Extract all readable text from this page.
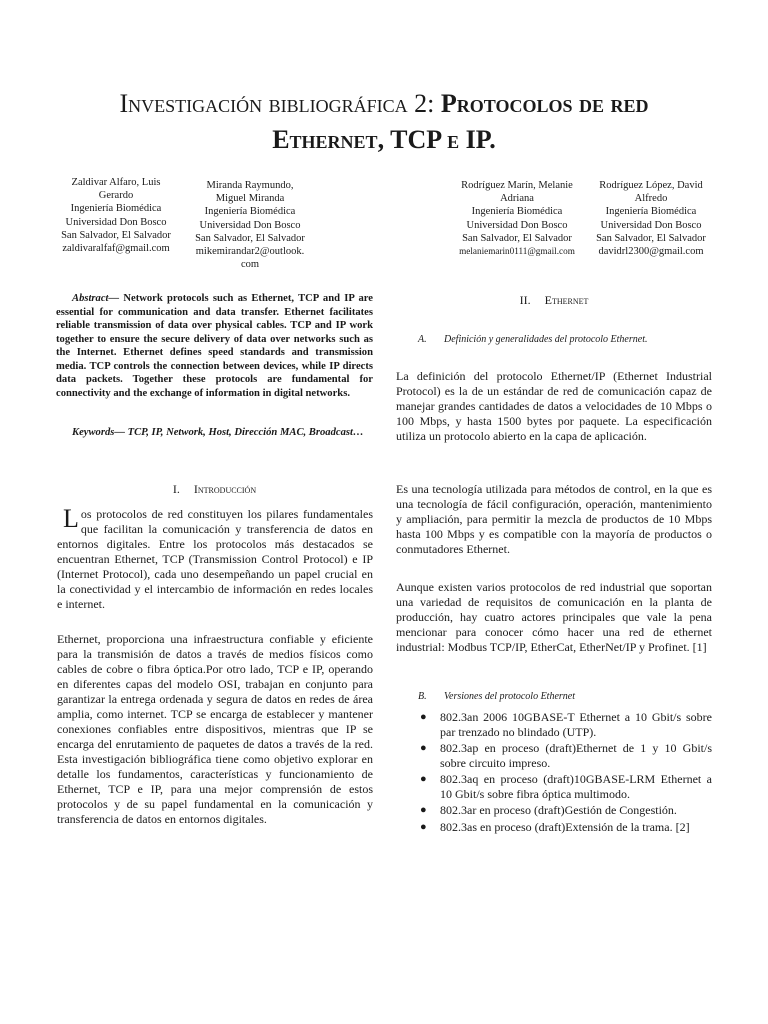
Investigación bibliográfica 2: Protocolos de red
Ethernet, TCP e IP.
Zaldivar Alfaro, Luis
Gerardo
Ingeniería Biomédica
Universidad Don Bosco
San Salvador, El Salvador
zaldivaralfaf@gmail.com
Miranda Raymundo,
Miguel Miranda
Ingeniería Biomédica
Universidad Don Bosco
San Salvador, El Salvador
mikemirandar2@outlook.
com
Rodríguez Marín, Melanie
Adriana
Ingeniería Biomédica
Universidad Don Bosco
San Salvador, El Salvador
melaniemarin0111@gmail.com
Rodríguez López, David
Alfredo
Ingeniería Biomédica
Universidad Don Bosco
San Salvador, El Salvador
davidrl2300@gmail.com
Abstract— Network protocols such as Ethernet, TCP and IP are essential for communication and data transfer. Ethernet facilitates reliable transmission of data over physical cables. TCP and IP work together to ensure the secure delivery of data over networks such as the Internet. Ethernet defines speed standards and transmission media. TCP controls the connection between devices, while IP directs data packets. Together these protocols are fundamental for connectivity and the exchange of information in digital networks.
Keywords— TCP, IP, Network, Host, Dirección MAC, Broadcast…
I. Introducción
Los protocolos de red constituyen los pilares fundamentales que facilitan la comunicación y transferencia de datos en entornos digitales. Entre los protocolos más destacados se encuentran Ethernet, TCP (Transmission Control Protocol) e IP (Internet Protocol), cada uno desempeñando un papel crucial en la conectividad y el intercambio de información en redes locales e internet.
Ethernet, proporciona una infraestructura confiable y eficiente para la transmisión de datos a través de medios físicos como cables de cobre o fibra óptica.Por otro lado, TCP e IP, operando en diferentes capas del modelo OSI, trabajan en conjunto para garantizar la entrega ordenada y segura de datos en redes de área amplia, como internet. TCP se encarga de establecer y mantener conexiones confiables entre dispositivos, mientras que IP se encarga del enrutamiento de paquetes de datos a través de la red. Esta investigación bibliográfica tiene como objetivo explorar en detalle los fundamentos, características y funcionamiento de Ethernet, TCP e IP, para una mejor comprensión de estos protocolos y de su papel fundamental en la comunicación y transferencia de datos en entornos digitales.
II. Ethernet
A. Definición y generalidades del protocolo Ethernet.
La definición del protocolo Ethernet/IP (Ethernet Industrial Protocol) es la de un estándar de red de comunicación capaz de manejar grandes cantidades de datos a velocidades de 10 Mbps o 100 Mbps, y hasta 1500 bytes por paquete. La especificación utiliza un protocolo abierto en la capa de aplicación.
Es una tecnología utilizada para métodos de control, en la que es una tecnología de fácil configuración, operación, mantenimiento y ampliación, para permitir la mezcla de productos de 10 Mbps hasta 100 Mbps y es compatible con la mayoría de productos o conmutadores Ethernet.
Aunque existen varios protocolos de red industrial que soportan una variedad de requisitos de comunicación en la planta de producción, hay cuatro actores principales que vale la pena mencionar para conocer cómo hacer una red de ethernet industrial: Modbus TCP/IP, EtherCat, EtherNet/IP y Profinet. [1]
B. Versiones del protocolo Ethernet
● 802.3an 2006 10GBASE-T Ethernet a 10 Gbit/s sobre par trenzado no blindado (UTP).
● 802.3ap en proceso (draft)Ethernet de 1 y 10 Gbit/s sobre circuito impreso.
● 802.3aq en proceso (draft)10GBASE-LRM Ethernet a 10 Gbit/s sobre fibra óptica multimodo.
● 802.3ar en proceso (draft)Gestión de Congestión.
● 802.3as en proceso (draft)Extensión de la trama. [2]
